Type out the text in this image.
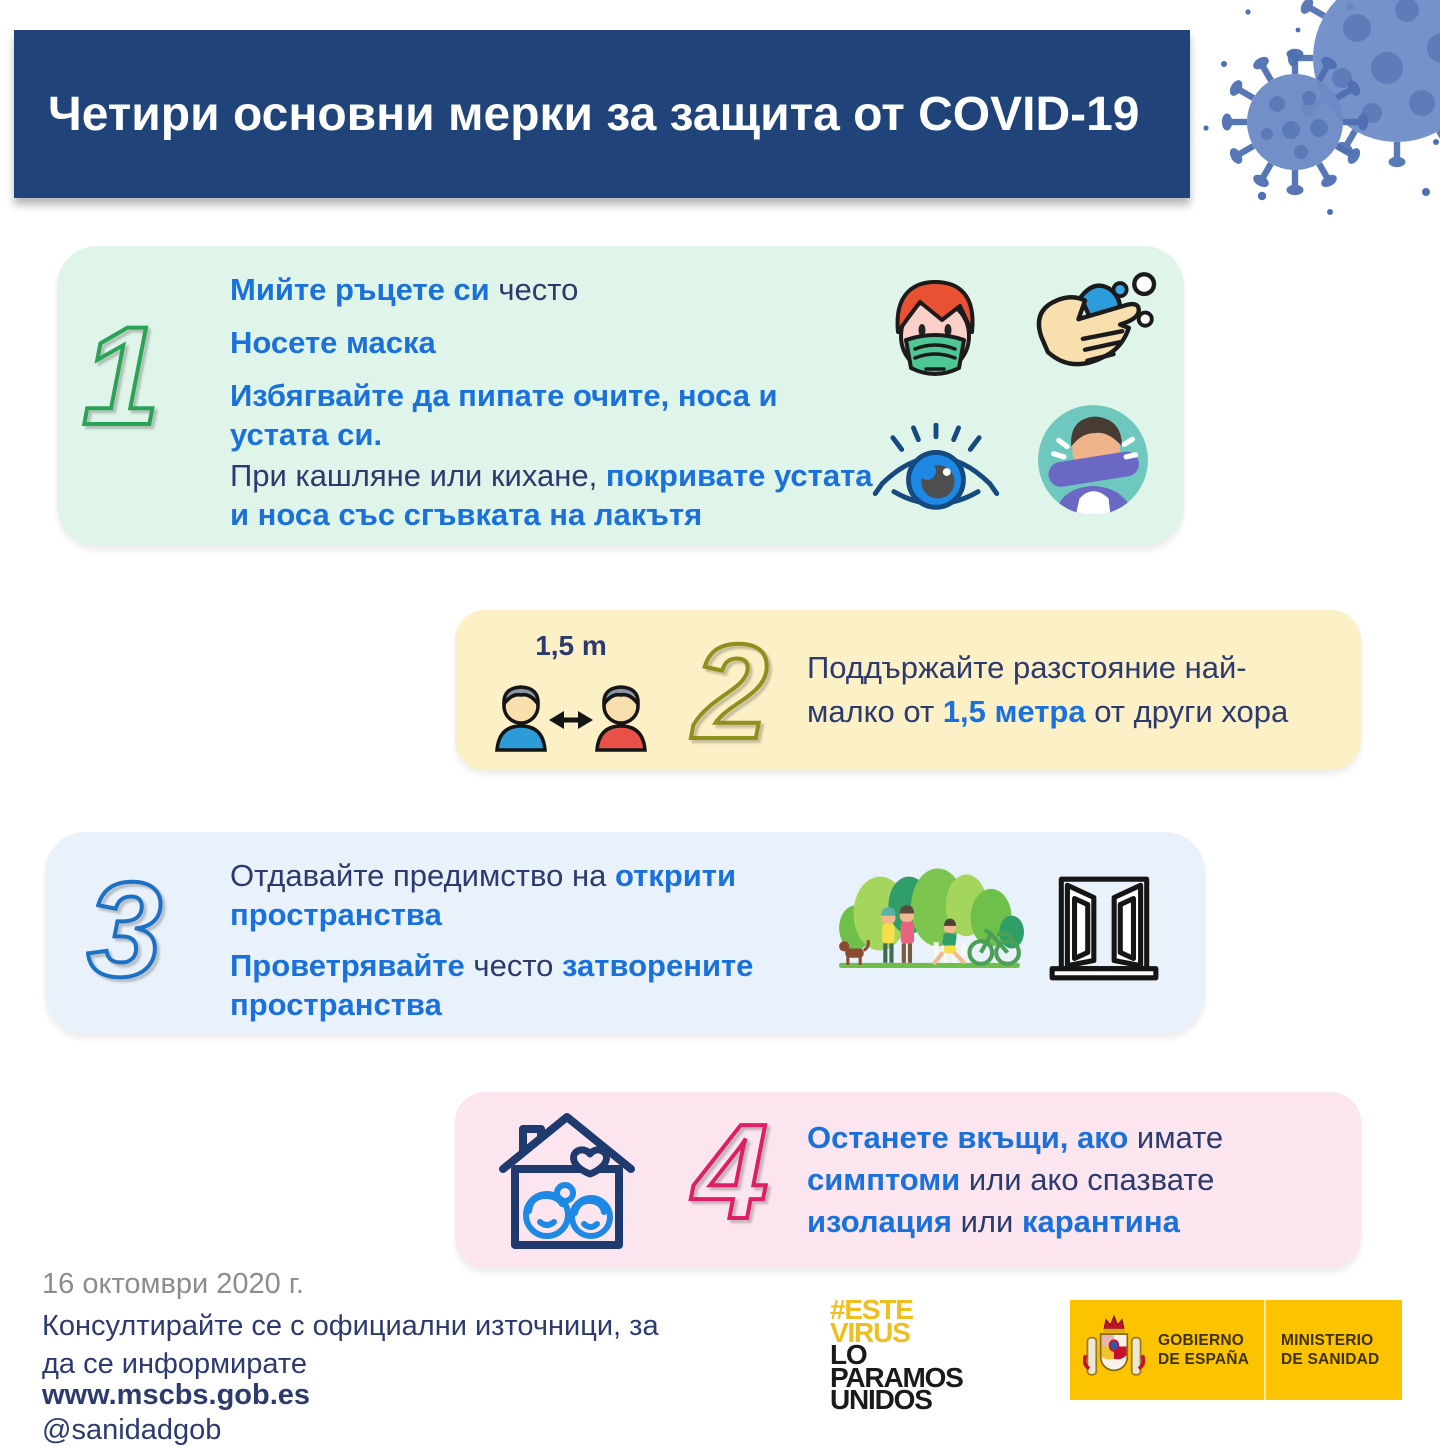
Четири основни мерки за защита от COVID-19
1

Мийте ръцете си често

Носете маска

Избягвайте да пипате очите, носа и устата си.

При кашляне или кихане, покривате устата и носа със сгъвката на лакътя

1,5 m 2 Поддържайте разстояние най-малко от 1,5 метра от други хора

3 Отдавайте предимство на открити пространства

Проветрявайте често затворените пространства

4 Останете вкъщи, ако имате симптоми или ако спазвате изолация или карантина

16 октомври 2020 г.
Консултирайте се с официални източници, за да се информирате
www.mscbs.gob.es
@sanidadgob
#ESTE
VIRUS
LO
PARAMOS
UNIDOS
GOBIERNO
DE ESPAÑA
MINISTERIO
DE SANIDAD
